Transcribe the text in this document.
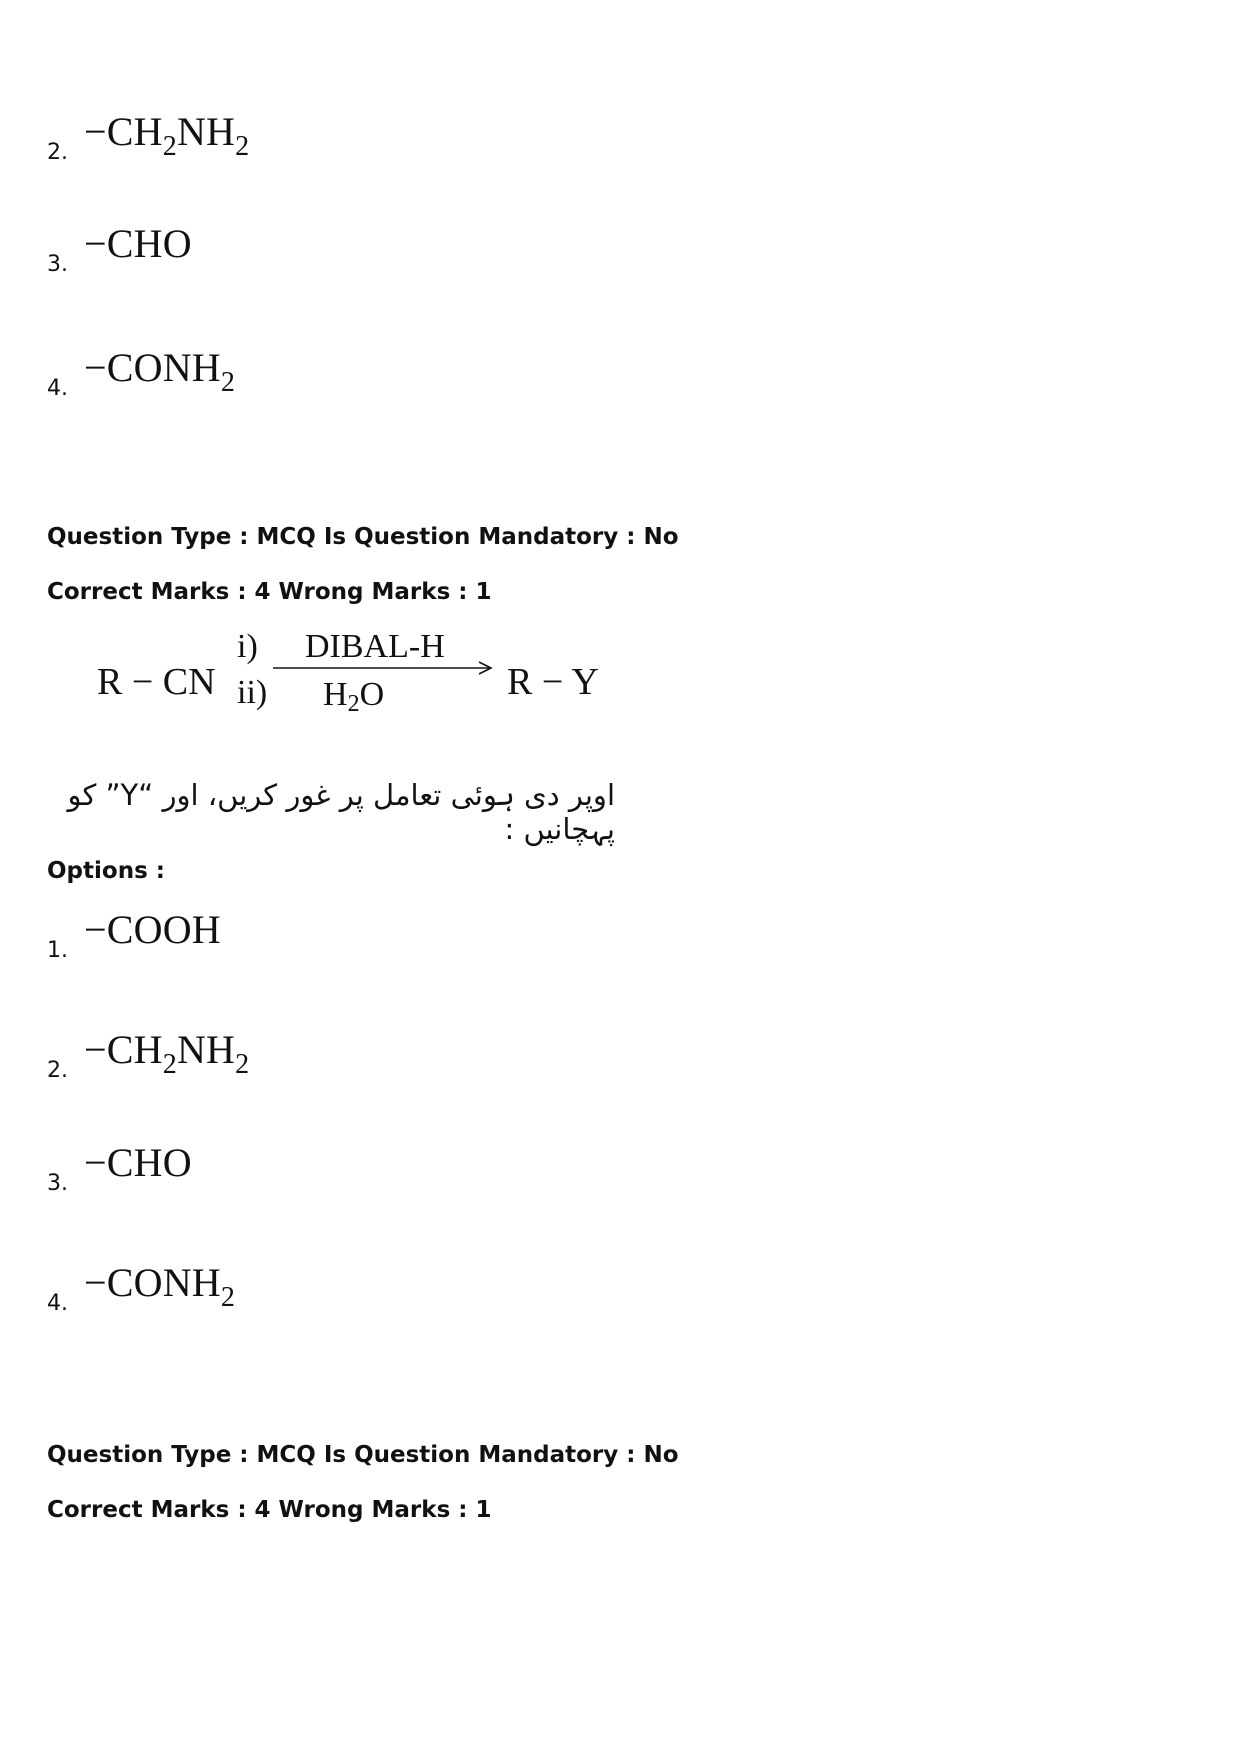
2. $-CH_2NH_2$
3. −CHO
4. $-CONH_2$
Question Type : MCQ Is Question Mandatory : No
Correct Marks : 4 Wrong Marks : 1
R − CN
i) DIBAL-H
ii) $H_2O$	R − Y
اوپر دی ہوئی تعامل پر غور کریں، اور “Y” کو پہچانیں :
Options :
1. −COOH
2. $-CH_2NH_2$
3. −CHO
4. $-CONH_2$
Question Type : MCQ Is Question Mandatory : No
Correct Marks : 4 Wrong Marks : 1
